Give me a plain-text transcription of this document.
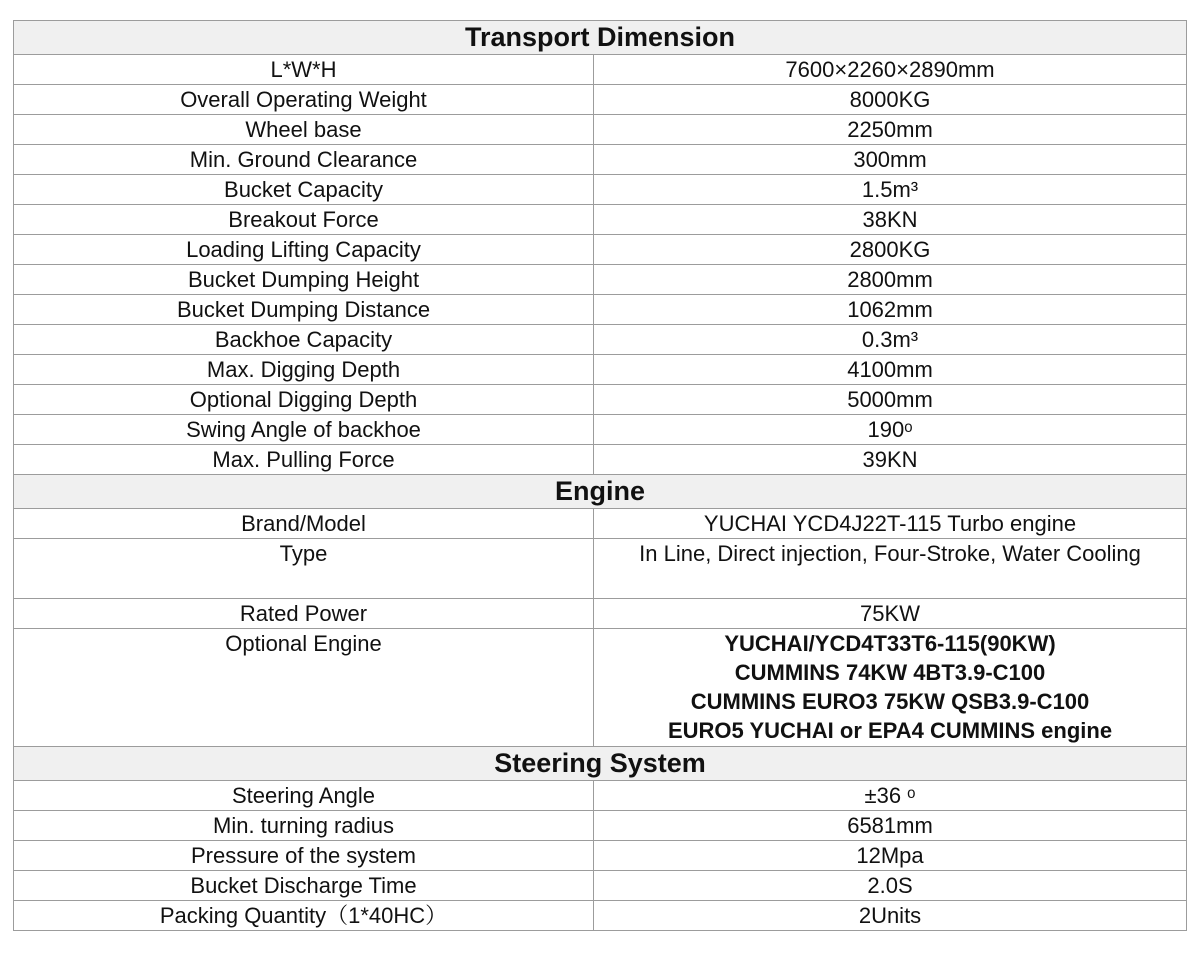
Transport Dimension	
L*W*H	7600×2260×2890mm
Overall Operating Weight	8000KG
Wheel base	2250mm
Min. Ground Clearance	300mm
Bucket Capacity	1.5m³
Breakout Force	38KN
Loading Lifting Capacity	2800KG
Bucket Dumping Height	2800mm
Bucket Dumping Distance	1062mm
Backhoe Capacity	0.3m³
Max. Digging Depth	4100mm
Optional Digging Depth	5000mm
Swing Angle of backhoe	190ᵒ
Max. Pulling Force	39KN
Engine	
Brand/Model	YUCHAI YCD4J22T-115 Turbo engine
Type	In Line, Direct injection, Four-Stroke, Water Cooling
Rated Power	75KW
Optional Engine	YUCHAI/YCD4T33T6-115(90KW)
CUMMINS 74KW 4BT3.9-C100
CUMMINS EURO3 75KW QSB3.9-C100
EURO5 YUCHAI or EPA4 CUMMINS engine

Steering System	
Steering Angle	±36 ᵒ
Min. turning radius	6581mm
Pressure of the system	12Mpa
Bucket Discharge Time	2.0S
Packing Quantity（1*40HC）	2Units
